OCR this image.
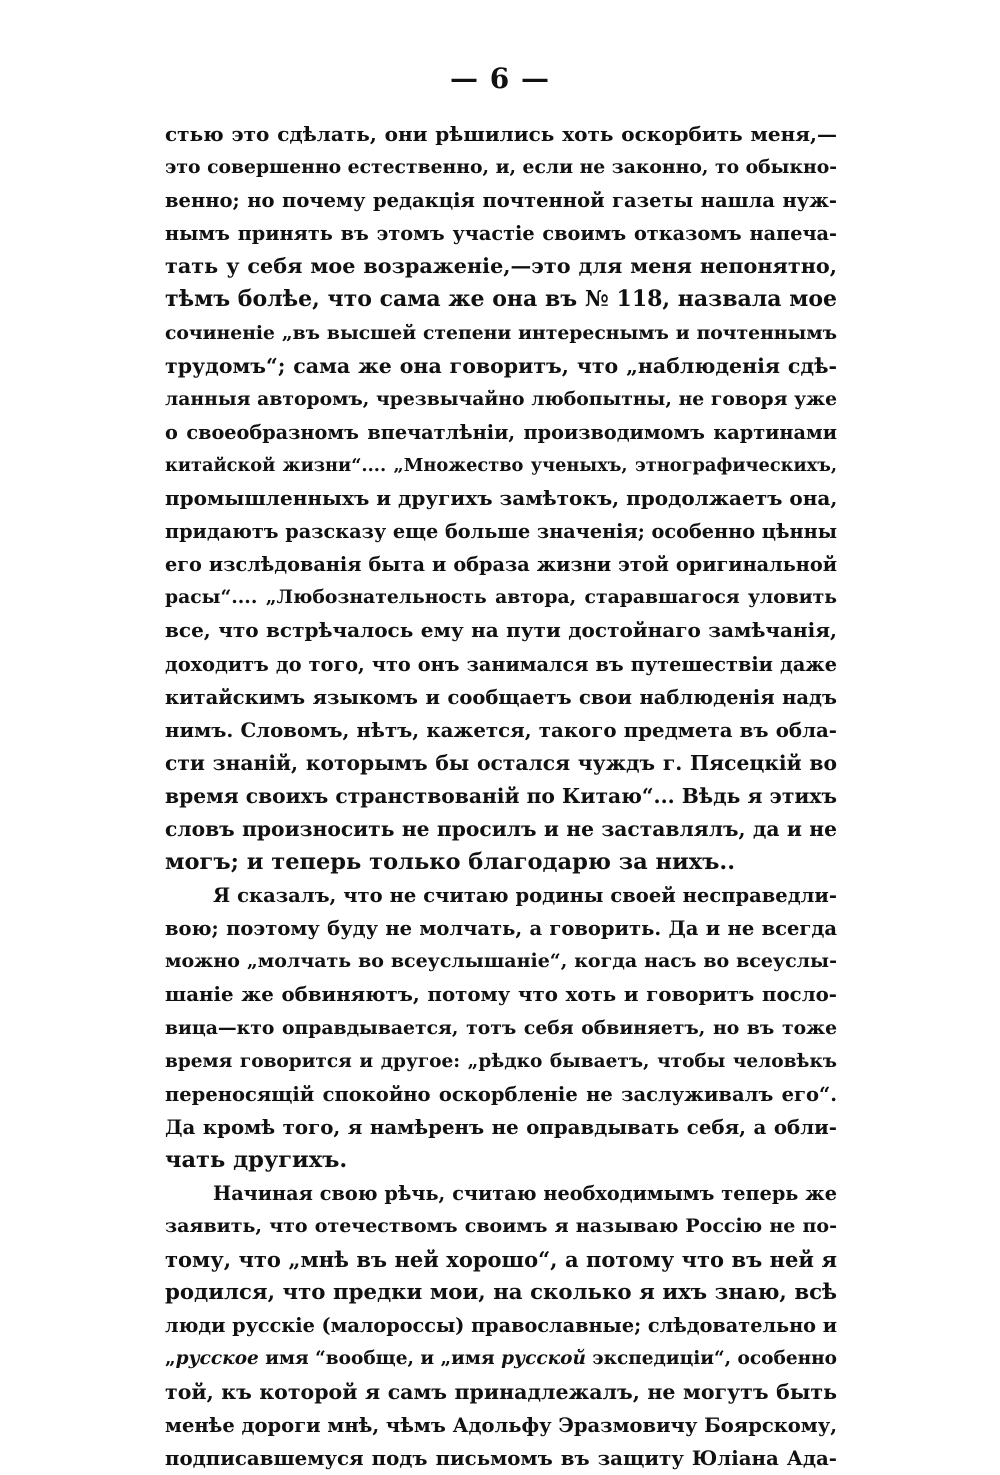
— 6 —
стью это сдѣлать, они рѣшились хоть оскорбить меня,—
это совершенно естественно, и, если не законно, то обыкно-
венно; но почему редакція почтенной газеты нашла нуж-
нымъ принять въ этомъ участіе своимъ отказомъ напеча-
тать у себя мое возраженіе,—это для меня непонятно,
тѣмъ болѣе, что сама же она въ № 118, назвала мое
сочиненіе „въ высшей степени интереснымъ и почтеннымъ
трудомъ“; сама же она говоритъ, что „наблюденія сдѣ-
ланныя авторомъ, чрезвычайно любопытны, не говоря уже
о своеобразномъ впечатлѣніи, производимомъ картинами
китайской жизни“.... „Множество ученыхъ, этнографическихъ,
промышленныхъ и другихъ замѣтокъ, продолжаетъ она,
придаютъ разсказу еще больше значенія; особенно цѣнны
его изслѣдованія быта и образа жизни этой оригинальной
расы“.... „Любознательность автора, старавшагося уловить
все, что встрѣчалось ему на пути достойнаго замѣчанія,
доходитъ до того, что онъ занимался въ путешествіи даже
китайскимъ языкомъ и сообщаетъ свои наблюденія надъ
нимъ. Словомъ, нѣтъ, кажется, такого предмета въ обла-
сти знаній, которымъ бы остался чуждъ г. Пясецкій во
время своихъ странствованій по Китаю“... Вѣдь я этихъ
словъ произносить не просилъ и не заставлялъ, да и не
могъ; и теперь только благодарю за нихъ..
Я сказалъ, что не считаю родины своей несправедли-
вою; поэтому буду не молчать, а говорить. Да и не всегда
можно „молчать во всеуслышаніе“, когда насъ во всеуслы-
шаніе же обвиняютъ, потому что хоть и говоритъ посло-
вица—кто оправдывается, тотъ себя обвиняетъ, но въ тоже
время говорится и другое: „рѣдко бываетъ, чтобы человѣкъ
переносящій спокойно оскорбленіе не заслуживалъ его“.
Да кромѣ того, я намѣренъ не оправдывать себя, а обли-
чать другихъ.
Начиная свою рѣчь, считаю необходимымъ теперь же
заявить, что отечествомъ своимъ я называю Россію не по-
тому, что „мнѣ въ ней хорошо“, а потому что въ ней я
родился, что предки мои, на сколько я ихъ знаю, всѣ
люди русскіе (малороссы) православные; слѣдовательно и
„русское имя “вообще, и „имя русской экспедиціи“, особенно
той, къ которой я самъ принадлежалъ, не могутъ быть
менѣе дороги мнѣ, чѣмъ Адольфу Эразмовичу Боярскому,
подписавшемуся подъ письмомъ въ защиту Юліана Ада-
